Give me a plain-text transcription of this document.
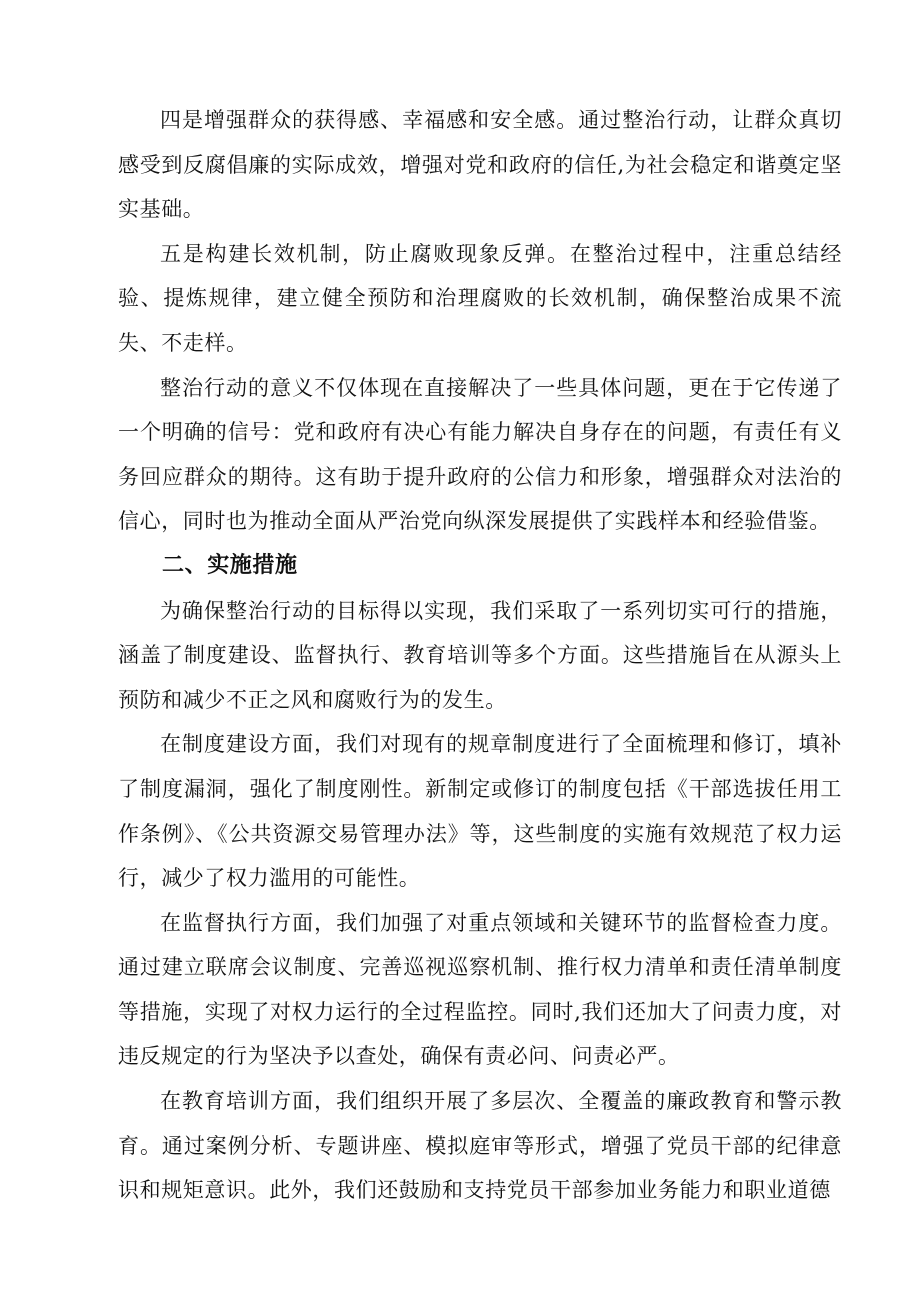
四是增强群众的获得感、幸福感和安全感。通过整治行动，让群众真切感受到反腐倡廉的实际成效，增强对党和政府的信任,为社会稳定和谐奠定坚实基础。

五是构建长效机制，防止腐败现象反弹。在整治过程中，注重总结经验、提炼规律，建立健全预防和治理腐败的长效机制，确保整治成果不流失、不走样。

整治行动的意义不仅体现在直接解决了一些具体问题，更在于它传递了一个明确的信号：党和政府有决心有能力解决自身存在的问题，有责任有义务回应群众的期待。这有助于提升政府的公信力和形象，增强群众对法治的信心，同时也为推动全面从严治党向纵深发展提供了实践样本和经验借鉴。

二、实施措施

为确保整治行动的目标得以实现，我们采取了一系列切实可行的措施，涵盖了制度建设、监督执行、教育培训等多个方面。这些措施旨在从源头上预防和减少不正之风和腐败行为的发生。

在制度建设方面，我们对现有的规章制度进行了全面梳理和修订，填补了制度漏洞，强化了制度刚性。新制定或修订的制度包括《干部选拔任用工作条例》、《公共资源交易管理办法》等，这些制度的实施有效规范了权力运行，减少了权力滥用的可能性。

在监督执行方面，我们加强了对重点领域和关键环节的监督检查力度。通过建立联席会议制度、完善巡视巡察机制、推行权力清单和责任清单制度等措施，实现了对权力运行的全过程监控。同时,我们还加大了问责力度，对违反规定的行为坚决予以查处，确保有责必问、问责必严。

在教育培训方面，我们组织开展了多层次、全覆盖的廉政教育和警示教育。通过案例分析、专题讲座、模拟庭审等形式，增强了党员干部的纪律意识和规矩意识。此外，我们还鼓励和支持党员干部参加业务能力和职业道德
